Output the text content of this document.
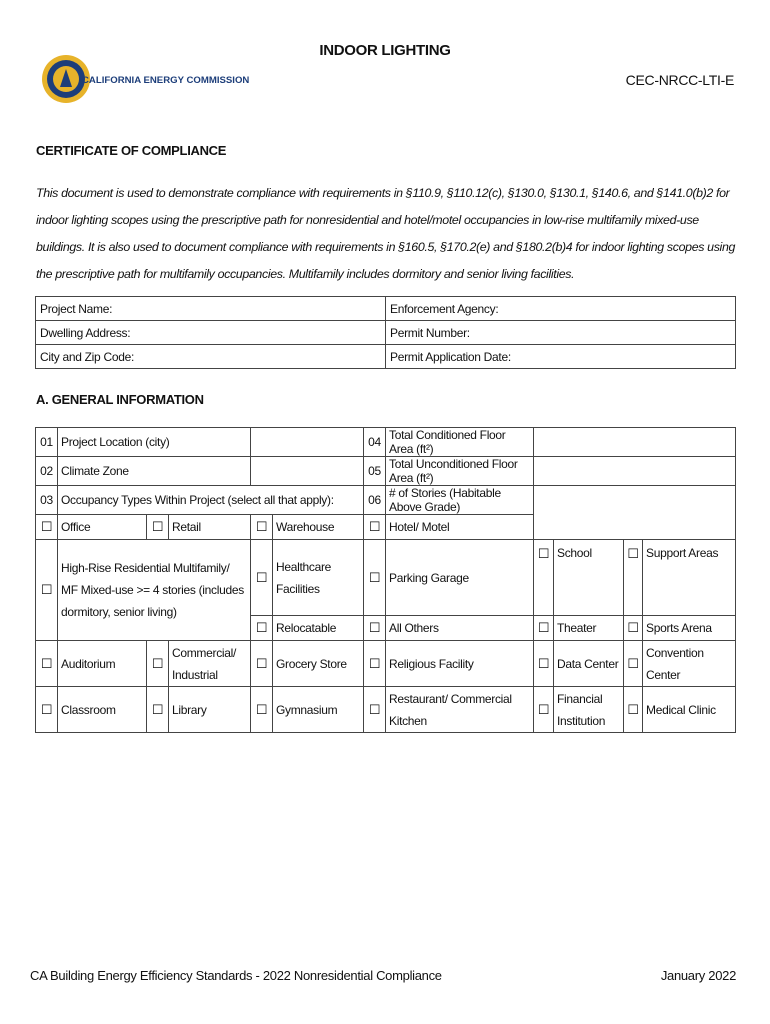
CALIFORNIA ENERGY COMMISSION
INDOOR LIGHTING
CEC-NRCC-LTI-E
CERTIFICATE OF COMPLIANCE
This document is used to demonstrate compliance with requirements in §110.9, §110.12(c), §130.0, §130.1, §140.6, and §141.0(b)2 for indoor lighting scopes using the prescriptive path for nonresidential and hotel/motel occupancies in low-rise multifamily mixed-use buildings. It is also used to document compliance with requirements in §160.5, §170.2(e) and §180.2(b)4 for indoor lighting scopes using the prescriptive path for multifamily occupancies. Multifamily includes dormitory and senior living facilities.
Project Name:	Enforcement Agency:
Dwelling Address:	Permit Number:
City and Zip Code:	Permit Application Date:
A. GENERAL INFORMATION
01	Project Location (city)					04	Total Conditioned Floor Area (ft²)				
02	Climate Zone					05	Total Unconditioned Floor Area (ft²)				
03	Occupancy Types Within Project (select all that apply):					06	# of Stories (Habitable Above Grade)				
☐	Office	☐	Retail	☐	Warehouse	☐	Hotel/ Motel				
☐	High-Rise Residential Multifamily/ MF Mixed-use >= 4 stories (includes dormitory, senior living)			☐	Healthcare Facilities	☐	Parking Garage	☐	School	☐	Support Areas
				☐	Relocatable	☐	All Others	☐	Theater	☐	Sports Arena
☐	Auditorium	☐	Commercial/ Industrial	☐	Grocery Store	☐	Religious Facility	☐	Data Center	☐	Convention Center
☐	Classroom	☐	Library	☐	Gymnasium	☐	Restaurant/ Commercial Kitchen	☐	Financial Institution	☐	Medical Clinic
CA Building Energy Efficiency Standards - 2022 Nonresidential Compliance	January 2022
